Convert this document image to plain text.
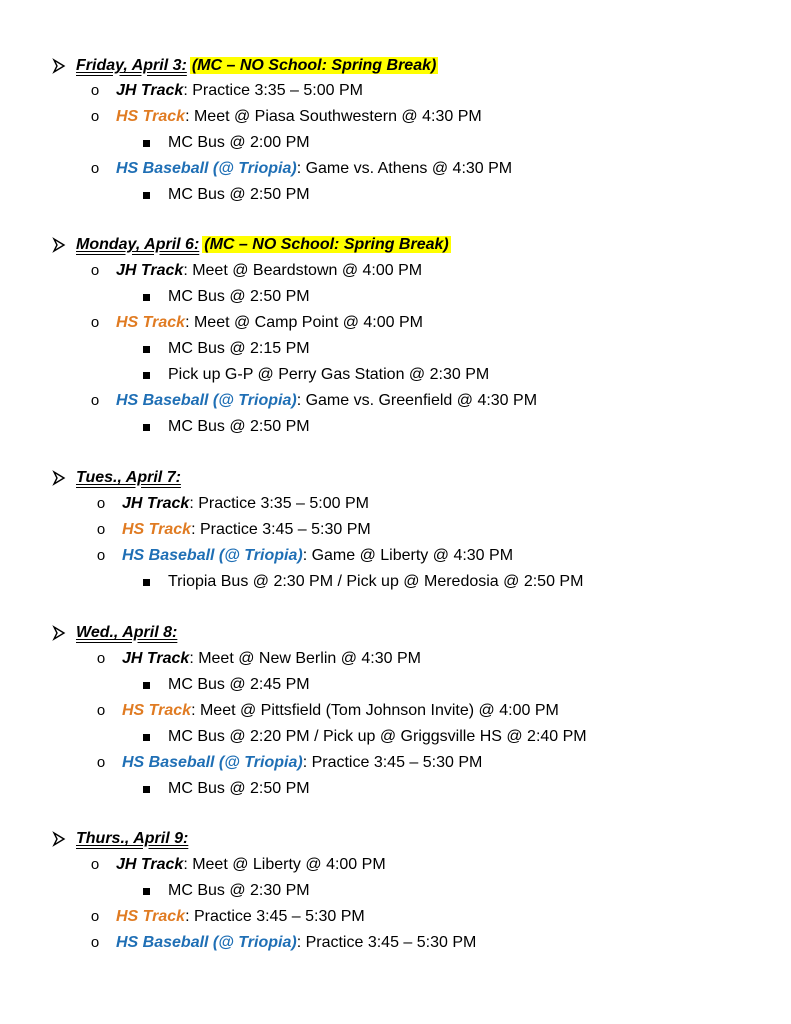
Friday, April 3: (MC – NO School: Spring Break)
o JH Track: Practice 3:35 – 5:00 PM
o HS Track: Meet @ Piasa Southwestern @ 4:30 PM
MC Bus @ 2:00 PM
o HS Baseball (@ Triopia): Game vs. Athens @ 4:30 PM
MC Bus @ 2:50 PM
Monday, April 6: (MC – NO School: Spring Break)
o JH Track: Meet @ Beardstown @ 4:00 PM
MC Bus @ 2:50 PM
o HS Track: Meet @ Camp Point @ 4:00 PM
MC Bus @ 2:15 PM
Pick up G-P @ Perry Gas Station @ 2:30 PM
o HS Baseball (@ Triopia): Game vs. Greenfield @ 4:30 PM
MC Bus @ 2:50 PM
Tues., April 7:
o JH Track: Practice 3:35 – 5:00 PM
o HS Track: Practice 3:45 – 5:30 PM
o HS Baseball (@ Triopia): Game @ Liberty @ 4:30 PM
Triopia Bus @ 2:30 PM / Pick up @ Meredosia @ 2:50 PM
Wed., April 8:
o JH Track: Meet @ New Berlin @ 4:30 PM
MC Bus @ 2:45 PM
o HS Track: Meet @ Pittsfield (Tom Johnson Invite) @ 4:00 PM
MC Bus @ 2:20 PM / Pick up @ Griggsville HS @ 2:40 PM
o HS Baseball (@ Triopia): Practice 3:45 – 5:30 PM
MC Bus @ 2:50 PM
Thurs., April 9:
o JH Track: Meet @ Liberty @ 4:00 PM
MC Bus @ 2:30 PM
o HS Track: Practice 3:45 – 5:30 PM
o HS Baseball (@ Triopia): Practice 3:45 – 5:30 PM
